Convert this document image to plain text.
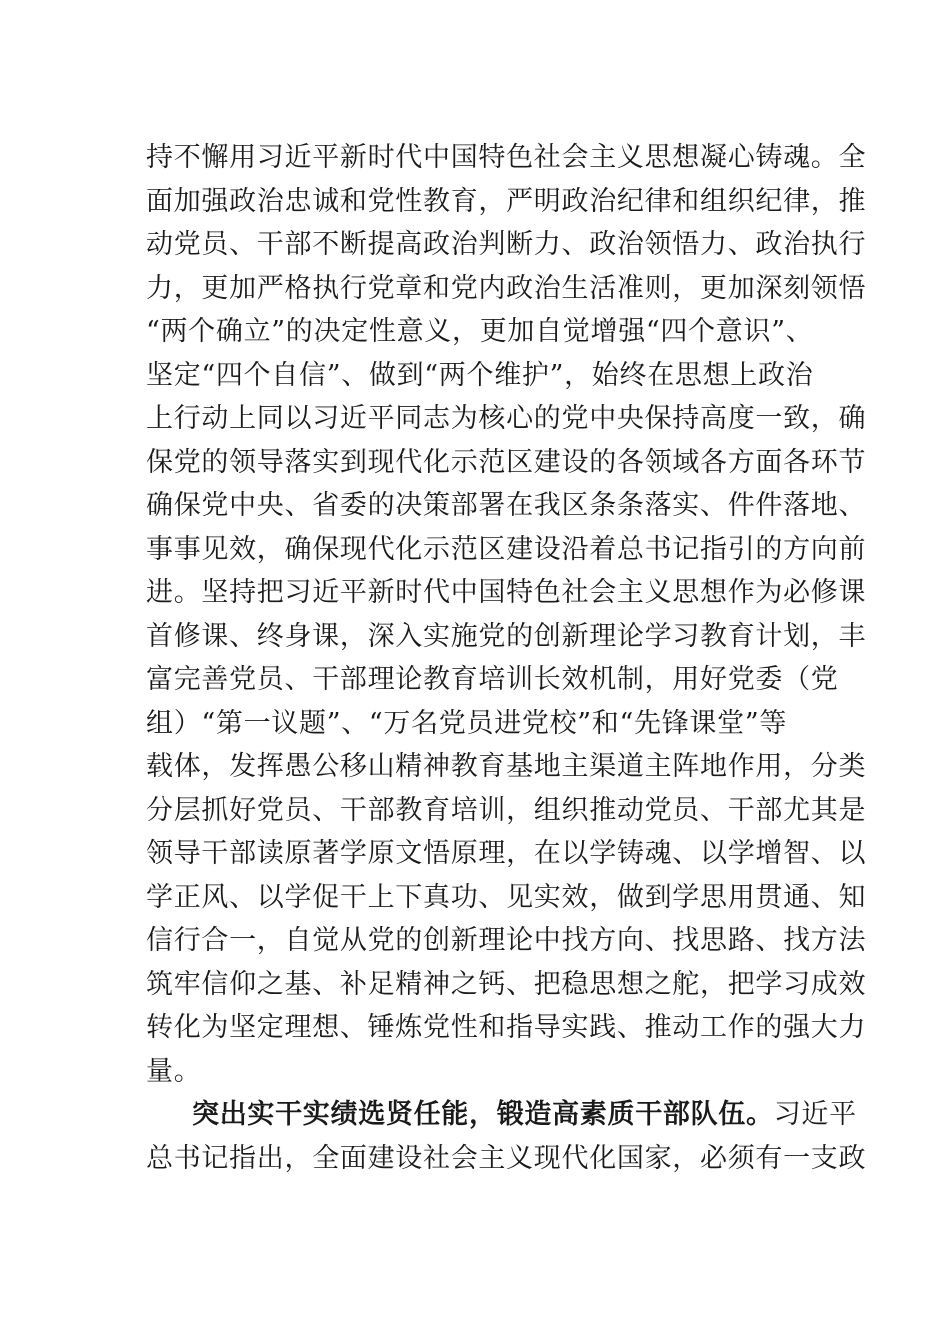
持不懈用习近平新时代中国特色社会主义思想凝心铸魂。全
面加强政治忠诚和党性教育，严明政治纪律和组织纪律，推
动党员、干部不断提高政治判断力、政治领悟力、政治执行
力，更加严格执行党章和党内政治生活准则，更加深刻领悟
“两个确立”的决定性意义，更加自觉增强“四个意识”、
坚定“四个自信”、做到“两个维护”，始终在思想上政治
上行动上同以习近平同志为核心的党中央保持高度一致，确
保党的领导落实到现代化示范区建设的各领域各方面各环节
确保党中央、省委的决策部署在我区条条落实、件件落地、
事事见效，确保现代化示范区建设沿着总书记指引的方向前
进。坚持把习近平新时代中国特色社会主义思想作为必修课
首修课、终身课，深入实施党的创新理论学习教育计划，丰
富完善党员、干部理论教育培训长效机制，用好党委（党
组）“第一议题”、“万名党员进党校”和“先锋课堂”等
载体，发挥愚公移山精神教育基地主渠道主阵地作用，分类
分层抓好党员、干部教育培训，组织推动党员、干部尤其是
领导干部读原著学原文悟原理，在以学铸魂、以学增智、以
学正风、以学促干上下真功、见实效，做到学思用贯通、知
信行合一，自觉从党的创新理论中找方向、找思路、找方法
筑牢信仰之基、补足精神之钙、把稳思想之舵，把学习成效
转化为坚定理想、锤炼党性和指导实践、推动工作的强大力
量。
突出实干实绩选贤任能，锻造高素质干部队伍。习近平
总书记指出，全面建设社会主义现代化国家，必须有一支政
